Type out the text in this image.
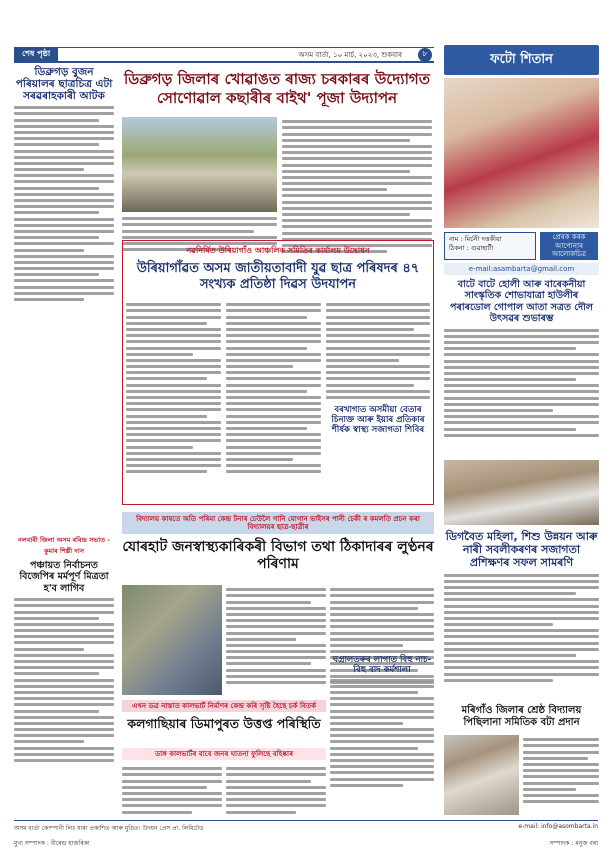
শেষ পৃষ্ঠা	অসম বাৰ্তা, ১০ মাৰ্চ, ২০২৩, শুকবাৰ	৮	ফটো শিতান
ডিব্ৰুগড় বুজন পৰিয়ালৰ ছাত্ৰচিত্ৰ এটা সৰৱৰাহকাৰী আটক
ডিব্ৰুগড় জিলাৰ খোৱাঙত ৰাজ্য চৰকাৰৰ উদ্যোগত সোণোৱাল কছাৰীৰ বাইথ' পূজা উদ্যাপন
নাম : মিৰ্চনী দত্তকীয়া
ঠিকনা : গুৱাহাটী
প্ৰেৰক কৰক আপোনাৰ আলোকচিত্ৰ
e-mail:asambarta@gmail.com
বাটে বাটে হোলী আৰু বাৰেকনীয়া সাংস্কৃতিক শোভাযাত্ৰা হাউলীৰ পৰাৰডোল গোপাল আতা সত্ৰত দৌল উৎসৱৰ শুভাৰম্ভ
নৱনিৰ্মিত উৰিয়াগাঁও আঞ্চলিক সমিতিৰ কাৰ্যালয় উদ্বোধন
উৰিয়াগাঁৱত অসম জাতীয়তাবাদী যুৱ ছাত্ৰ পৰিষদৰ ৪৭ সংখ্যক প্ৰতিষ্ঠা দিৱস উদযাপন
বৰখাগাত অসমীয়া বেতাৰ চিনাক্ত আৰু ইয়াৰ প্ৰতিকাৰ শীৰ্ষক স্বাস্থ্য সজাগতা শিবিৰ
নলবাৰী জিলা অসম ৰবিন্দ্ৰ সভাত - কুমাৰ শিল্পী দাস
পঞ্চায়ত নিৰ্বাচনত বিজেপিৰ মৰ্মপূৰ্ণ মিত্ৰতা হ'ব লাগিব
বিদ্যালয় কাষতে অতি পৰিমা কেন্দ্ৰ টনাৰ ঢেউলৈ গানি যোগান ভাইসৰ পানী চেকী ৰ কমলতি প্ৰচন কৰা বিদ্যালয়ৰ ছাত্ৰ-ছাত্ৰীৰ
যোৰহাট জনস্বাস্থ্যকাৰিকৰী বিভাগ তথা ঠিকাদাৰৰ লুণ্ঠনৰ পৰিণাম
ঘগ্ৰালতৰুৰ লাগাত বিহু নাচ-বিহু বাদ কৰ্মশালা
এখন ডত্ৰ নাস্তাত কালভাৰ্ট নিৰ্মাণৰ কেন্দ্ৰ কৰি সৃষ্টি হৈছে চৰ্ক বিতৰ্ক
কলগাছিয়াৰ ডিমাপুৰত উত্তপ্ত পৰিস্থিতি
ডাঙ্গ কালভাৰ্টৰ বাবে জনৰ ঘাতনা ফুলিছে বহিষ্কাৰ
ডিগবৈত মহিলা, শিশু উন্নয়ন আৰু নাৰী সবলীকৰণৰ সজাগতা প্ৰশিক্ষণৰ সফল সামৰণি
মৰিগাঁও জিলাৰ শ্ৰেষ্ঠ বিদ্যালয় পিছিলানা সমিতিক বটা প্ৰদান
অসম বাৰ্তা কোম্পানী লিঃ যাৰা প্ৰকাশিত আৰু মুদ্ৰিত। উদয়ন প্ৰেস প্ৰা. লিমিটেড	e-mail: info@asombarta.in
মুখ্য সম্পাদক : বীৰেন্দ্ৰ হাজৰিকা	সম্পাদক : মনুজ বৰা
